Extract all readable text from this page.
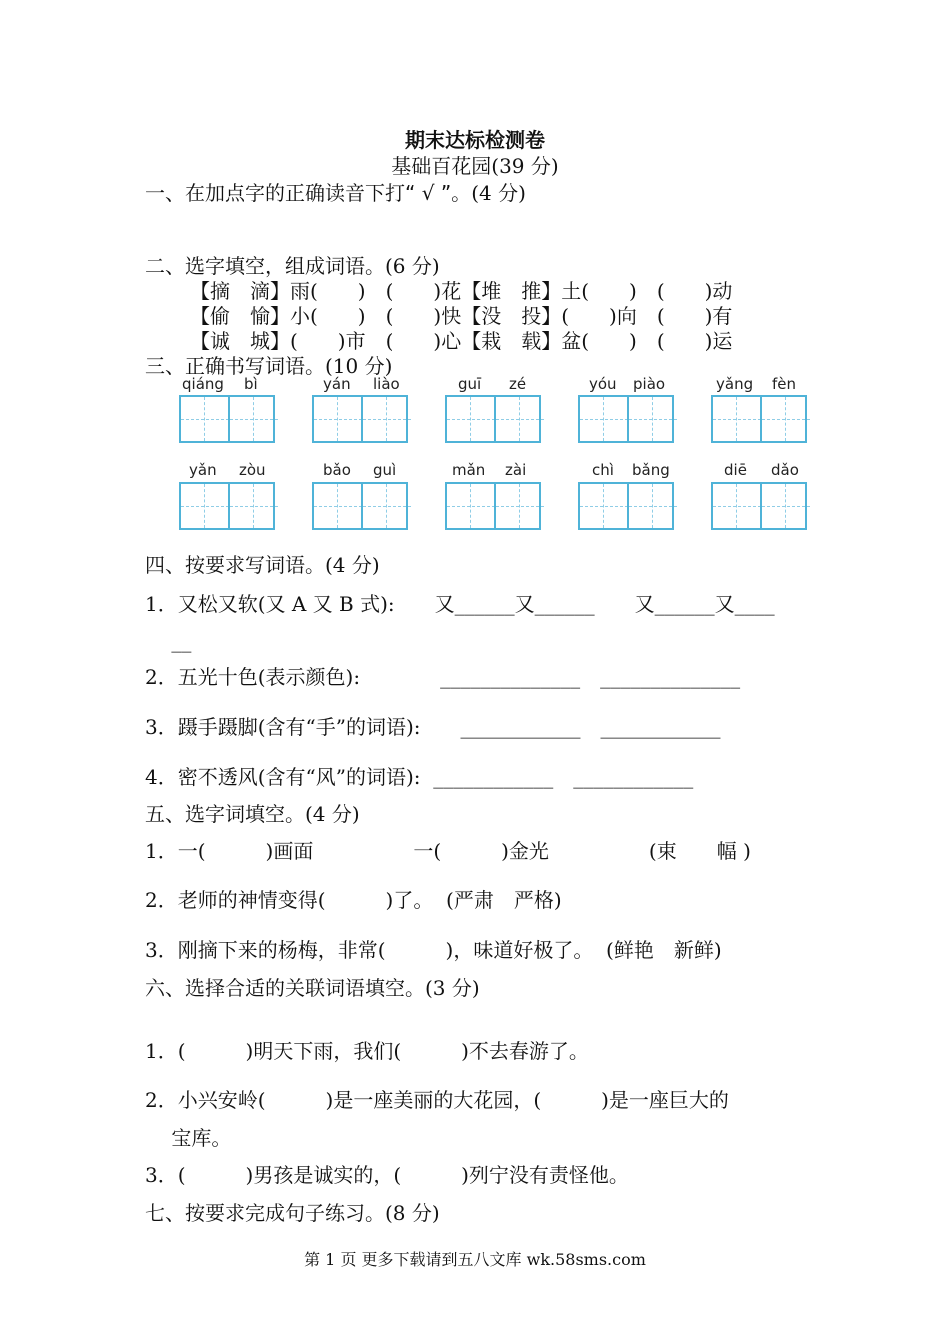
期末达标检测卷
基础百花园(39 分)
一、在加点字的正确读音下打“ √ ”。(4 分)
二、选字填空，组成词语。(6 分)
【摘　滴】雨(　　)　(　　)花【堆　推】土(　　)　(　　)动
【偷　愉】小(　　)　(　　)快【没　投】(　　)向　(　　)有
【诚　城】(　　)市　(　　)心【栽　载】盆(　　)　(　　)运
三、正确书写词语。(10 分)
qiáng bì	yán liào	guī zé	yóu piào	yǎng fèn
yǎn zòu	bǎo guì	mǎn zài	chì bǎng	diē dǎo
四、按要求写词语。(4 分)
1．又松又软(又 A 又 B 式):　　又______又______　　又______又____
　 __
2．五光十色(表示颜色):　　　　______________　______________
3．蹑手蹑脚(含有“手”的词语):　　____________　____________
4．密不透风(含有“风”的词语):  ____________　____________
五、选字词填空。(4 分)
1．一(　　　)画面　　　　　一(　　　)金光　　　　　(束　　幅 )
2．老师的神情变得(　　　)了。  (严肃　严格)
3．刚摘下来的杨梅，非常(　　　)，味道好极了。  (鲜艳　新鲜)
六、选择合适的关联词语填空。(3 分)
1．(　　　)明天下雨，我们(　　　)不去春游了。
2．小兴安岭(　　　)是一座美丽的大花园，(　　　)是一座巨大的
　 宝库。
3．(　　　)男孩是诚实的，(　　　)列宁没有责怪他。
七、按要求完成句子练习。(8 分)
第 1 页 更多下载请到五八文库 wk.58sms.com
